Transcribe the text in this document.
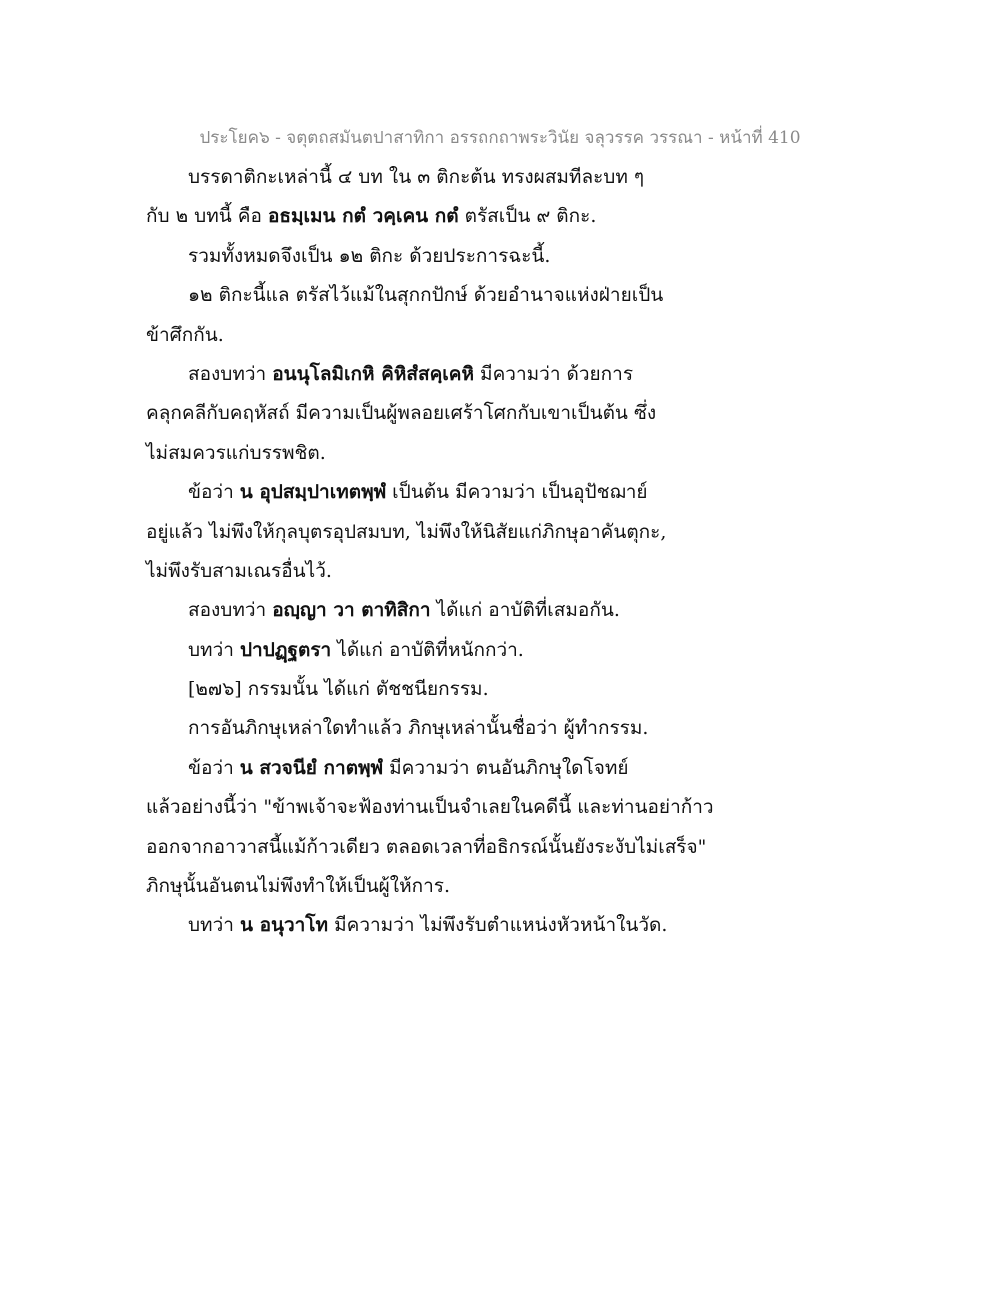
ประโยค๖ - จตุตถสมันตปาสาทิกา อรรถกถาพระวินัย จลุวรรค วรรณา - หน้าที่ 410
บรรดาติกะเหล่านี้ ๔ บท ใน ๓ ติกะต้น ทรงผสมทีละบท ๆ
กับ ๒ บทนี้ คือ อธมฺเมน กตํ วคฺเคน กตํ ตรัสเป็น ๙ ติกะ.
รวมทั้งหมดจึงเป็น ๑๒ ติกะ ด้วยประการฉะนี้.
๑๒ ติกะนี้แล ตรัสไว้แม้ในสุกกปักษ์ ด้วยอำนาจแห่งฝ่ายเป็น
ข้าศึกกัน.
สองบทว่า อนนุโลมิเกหิ คิหิสํสคฺเคหิ มีความว่า ด้วยการ
คลุกคลีกับคฤหัสถ์ มีความเป็นผู้พลอยเศร้าโศกกับเขาเป็นต้น ซึ่ง
ไม่สมควรแก่บรรพชิต.
ข้อว่า น อุปสมฺปาเทตพฺพํ เป็นต้น มีความว่า เป็นอุปัชฌาย์
อยู่แล้ว ไม่พึงให้กุลบุตรอุปสมบท, ไม่พึงให้นิสัยแก่ภิกษุอาคันตุกะ,
ไม่พึงรับสามเณรอื่นไว้.
สองบทว่า อญฺญา วา ตาทิสิกา ได้แก่ อาบัติที่เสมอกัน.
บทว่า ปาปฏฺฐตรา ได้แก่ อาบัติที่หนักกว่า.
[๒๗๖] กรรมนั้น ได้แก่ ตัชชนียกรรม.
การอันภิกษุเหล่าใดทำแล้ว ภิกษุเหล่านั้นชื่อว่า ผู้ทำกรรม.
ข้อว่า น สวจนียํ กาตพฺพํ มีความว่า ตนอันภิกษุใดโจทย์
แล้วอย่างนี้ว่า "ข้าพเจ้าจะฟ้องท่านเป็นจำเลยในคดีนี้ และท่านอย่าก้าว
ออกจากอาวาสนี้แม้ก้าวเดียว ตลอดเวลาที่อธิกรณ์นั้นยังระงับไม่เสร็จ"
ภิกษุนั้นอันตนไม่พึงทำให้เป็นผู้ให้การ.
บทว่า น อนุวาโท มีความว่า ไม่พึงรับตำแหน่งหัวหน้าในวัด.
